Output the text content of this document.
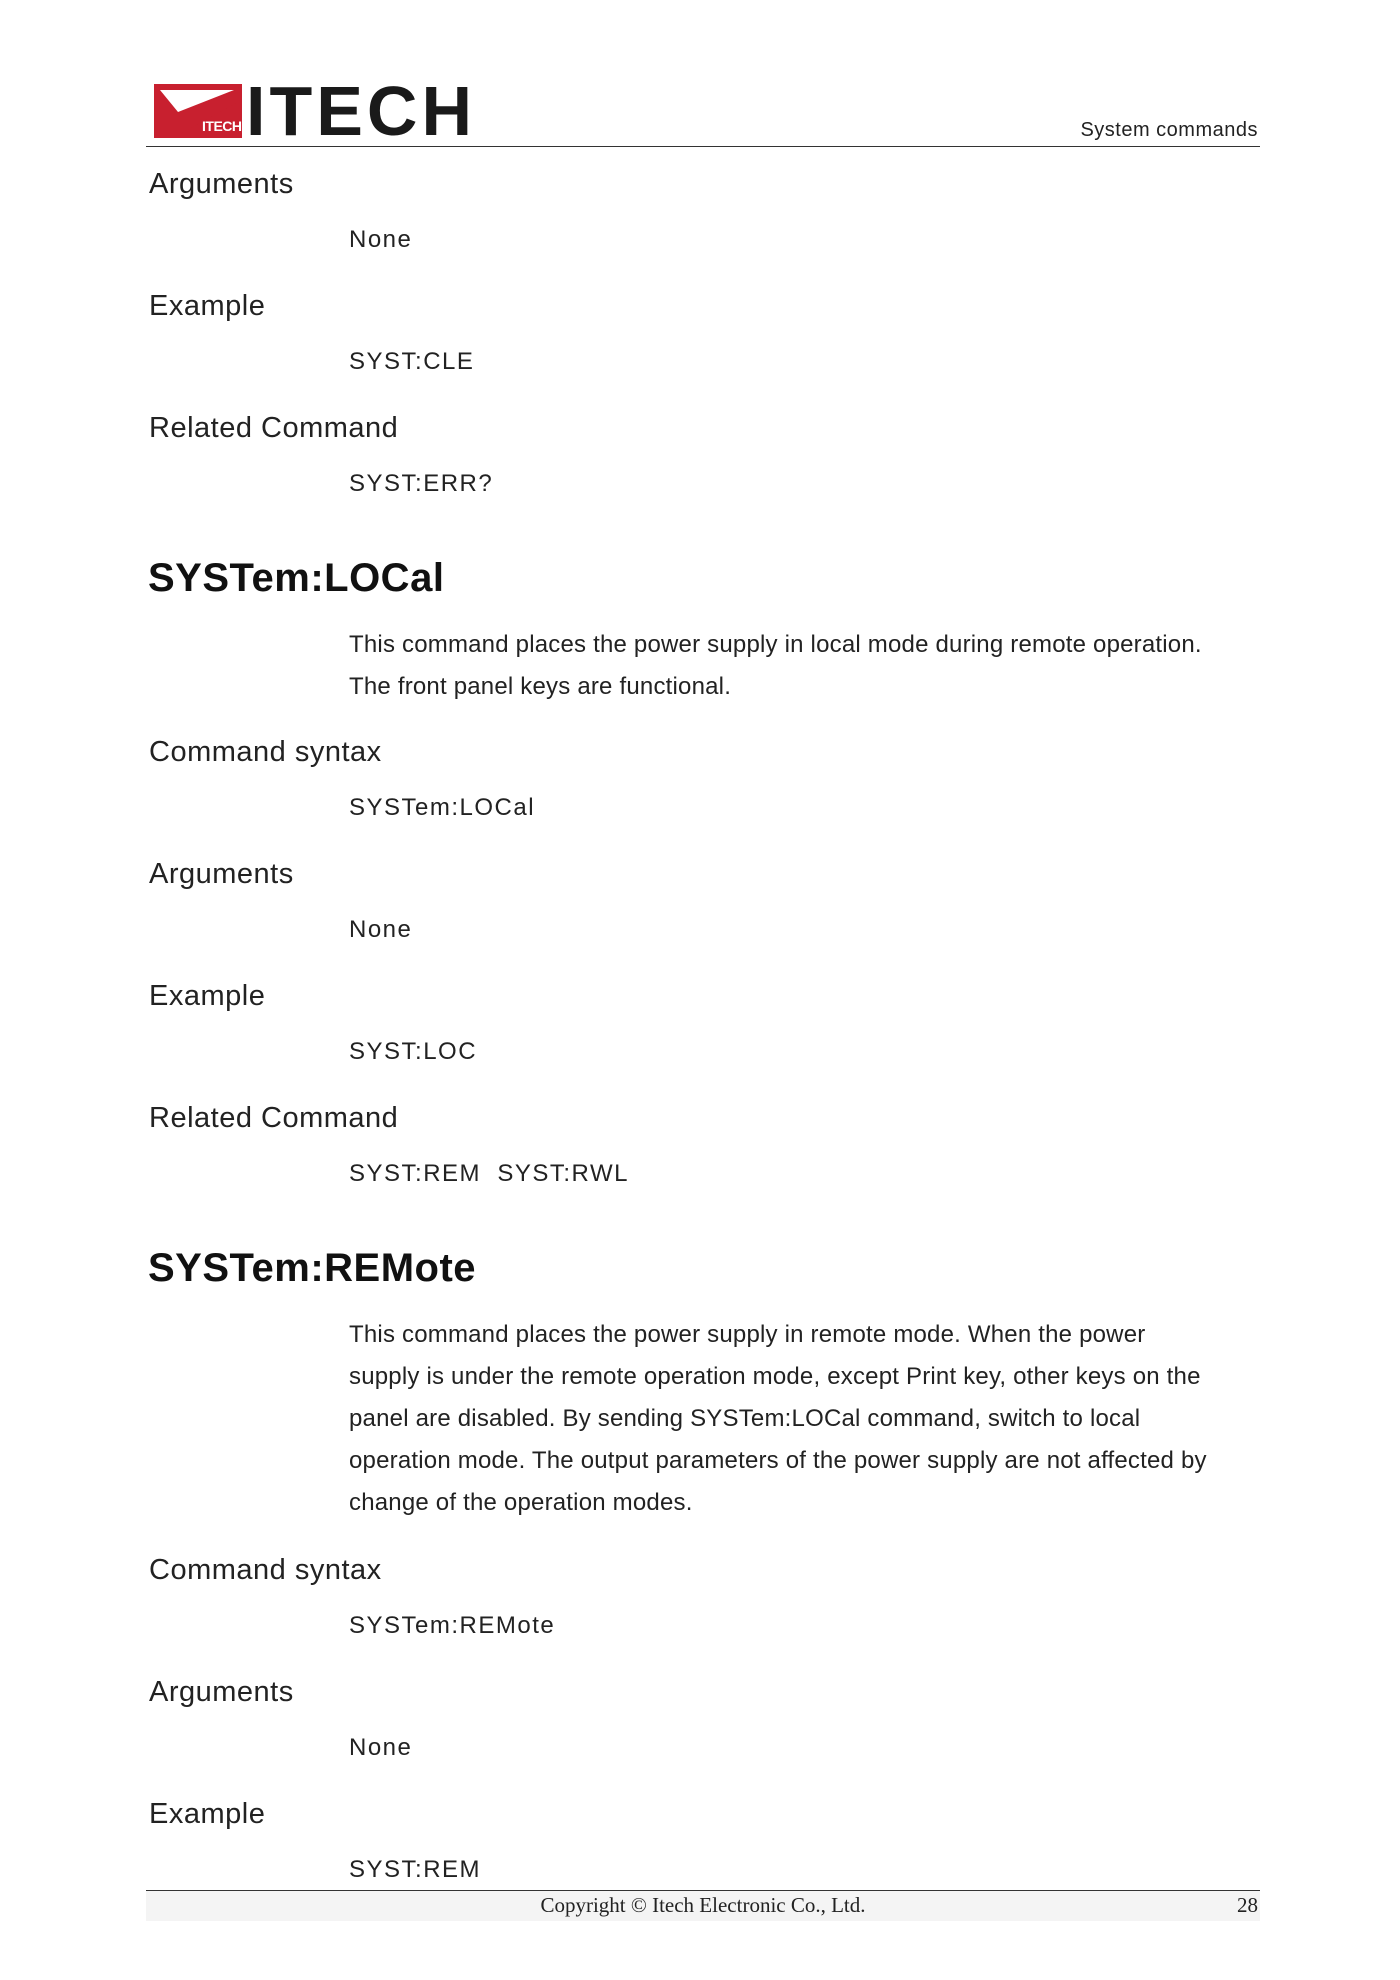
ITECH ITECH	System commands
Arguments
None
Example
SYST:CLE
Related Command
SYST:ERR?
SYSTem:LOCal

This command places the power supply in local mode during remote operation.

The front panel keys are functional.

Command syntax
SYSTem:LOCal
Arguments
None
Example
SYST:LOC
Related Command
SYST:REM  SYST:RWL
SYSTem:REMote

This command places the power supply in remote mode. When the power

supply is under the remote operation mode, except Print key, other keys on the

panel are disabled. By sending SYSTem:LOCal command, switch to local

operation mode. The output parameters of the power supply are not affected by

change of the operation modes.

Command syntax
SYSTem:REMote
Arguments
None
Example
SYST:REM
Copyright © Itech Electronic Co., Ltd.	28
